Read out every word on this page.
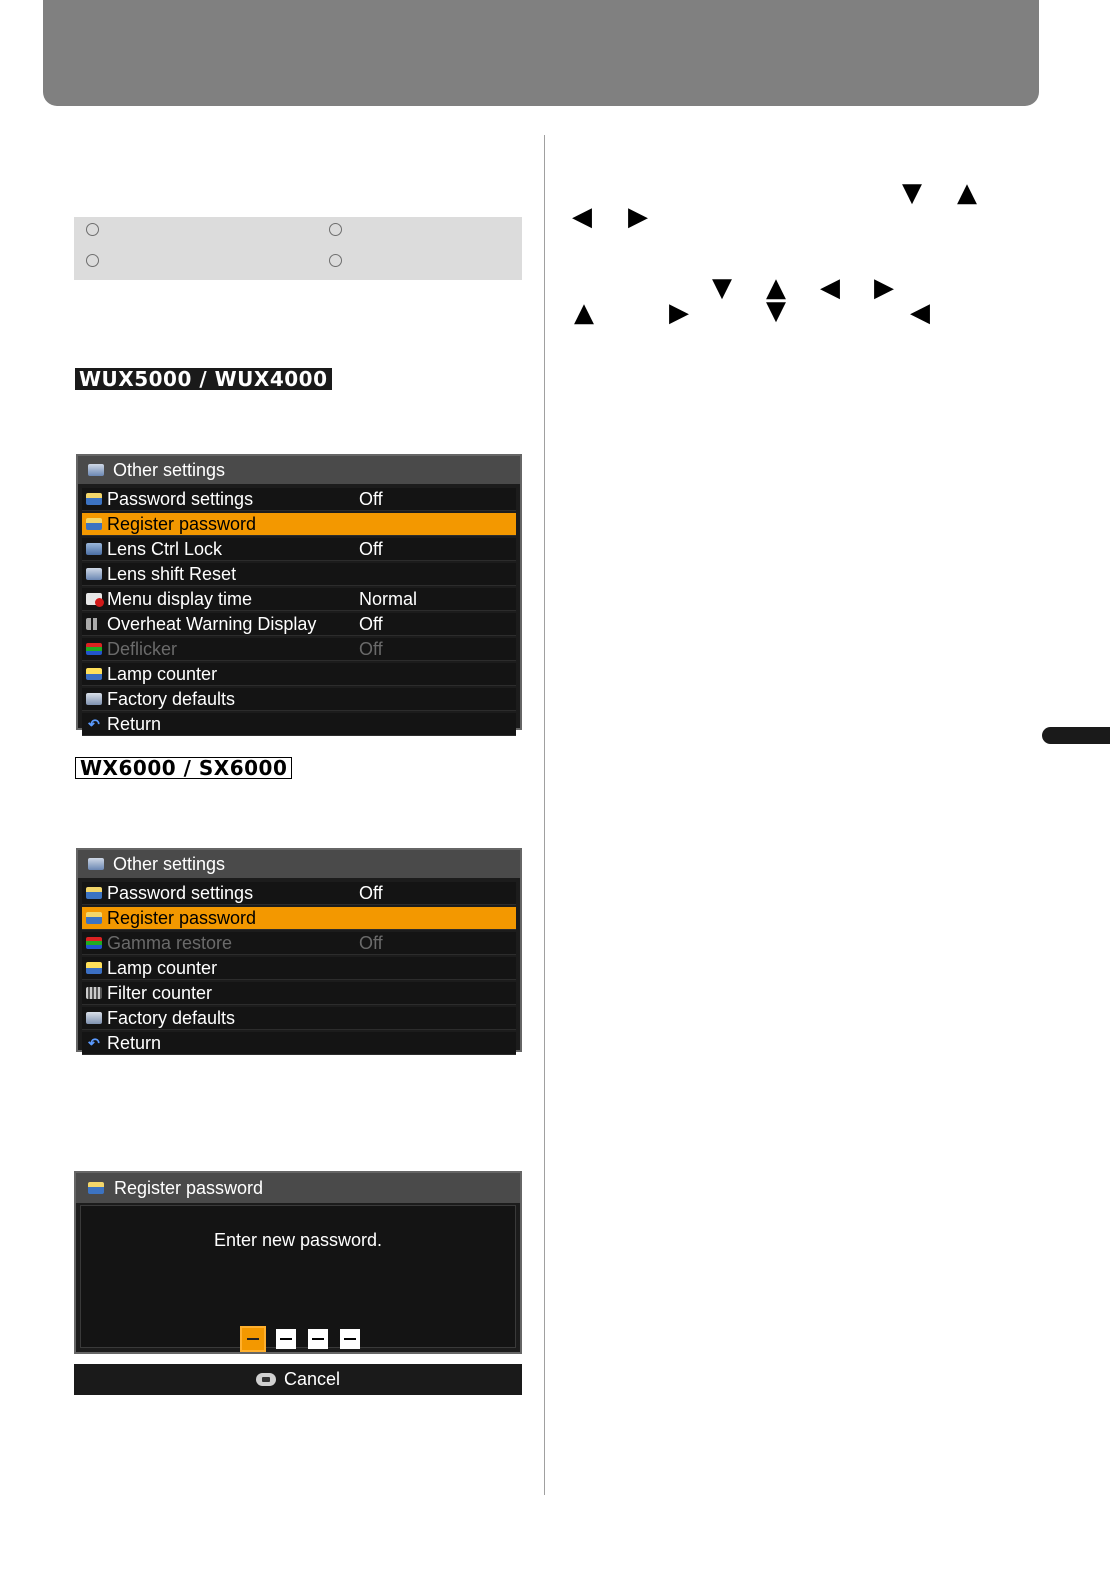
WUX5000 / WUX4000
Other settings
Password settings	Off
Register password
Lens Ctrl Lock	Off
Lens shift Reset
Menu display time	Normal
Overheat Warning Display Off
Deflicker	Off
Lamp counter
Factory defaults
↶ Return
WX6000 / SX6000
Other settings
Password settings	Off
Register password
Gamma restore	Off
Lamp counter
Filter counter
Factory defaults
↶ Return
Register password
Enter new password.
Cancel
▼ ▲
◀ ▶
▼ ▲ ◀ ▶
▲	▶	▼	◀
